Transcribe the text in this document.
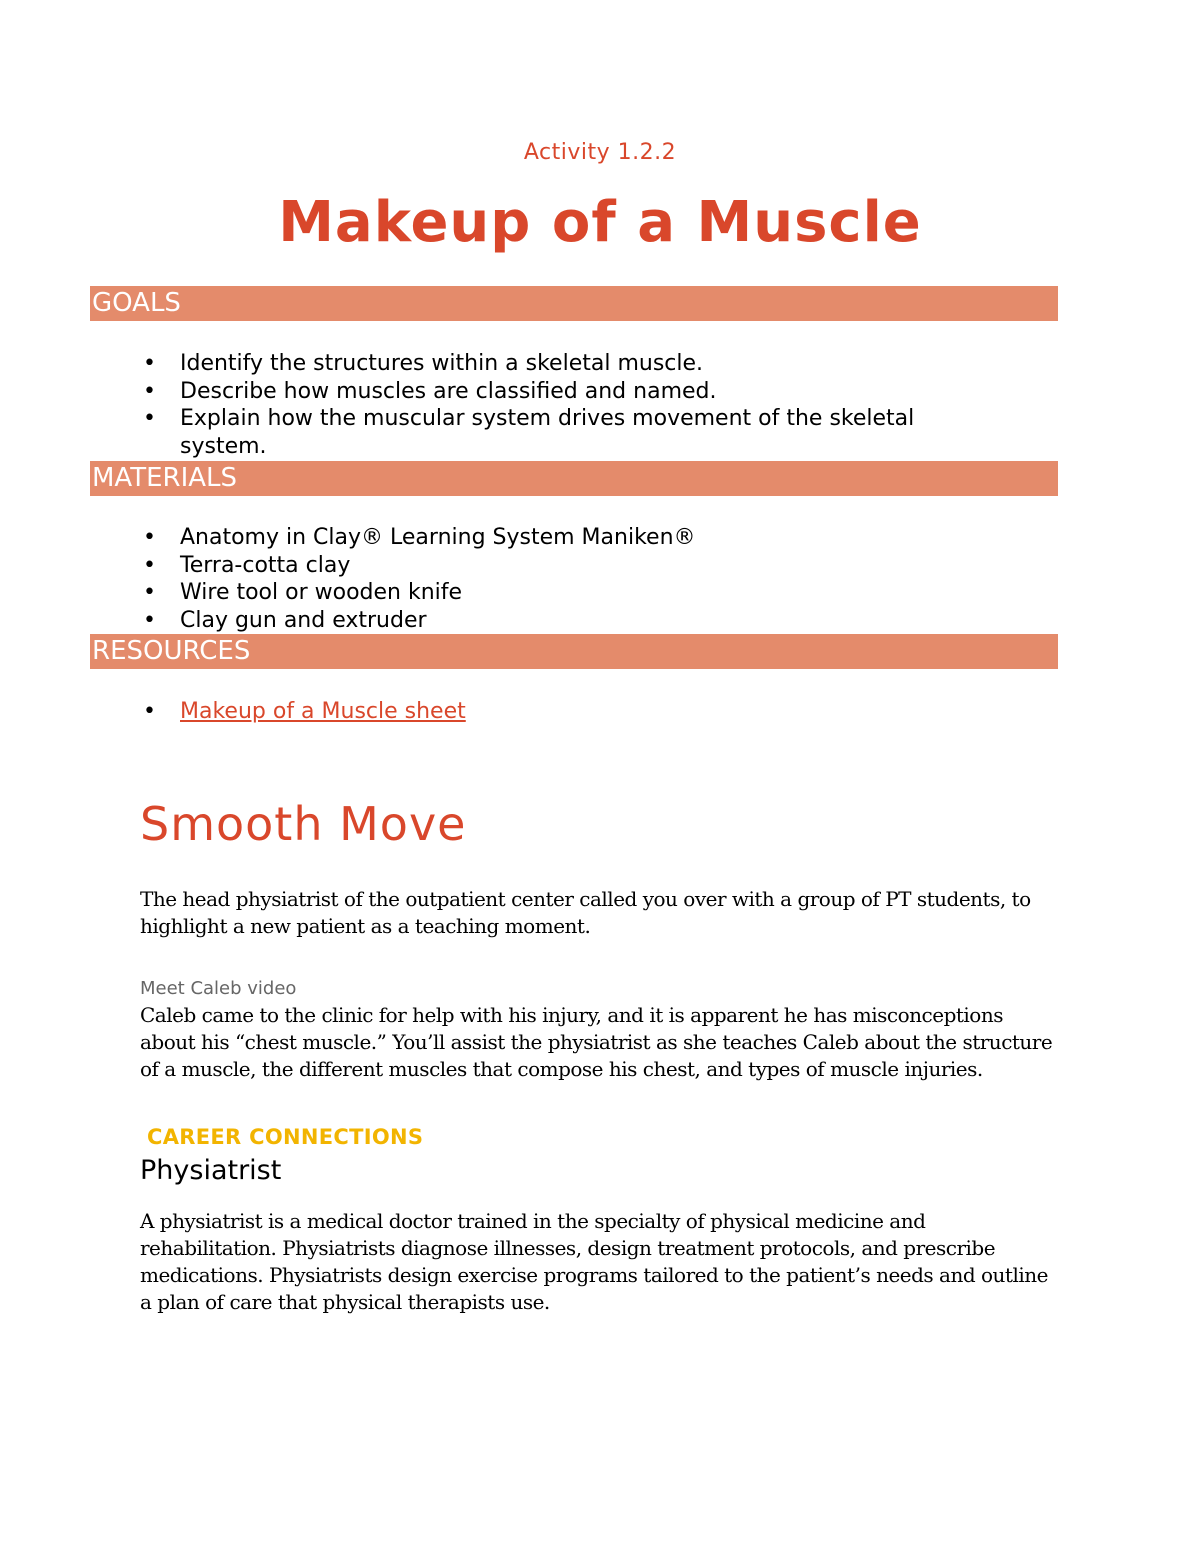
Activity 1.2.2
Makeup of a Muscle
GOALS
• Identify the structures within a skeletal muscle.
• Describe how muscles are classified and named.
• Explain how the muscular system drives movement of the skeletal system.
MATERIALS
• Anatomy in Clay® Learning System Maniken®
• Terra-cotta clay
• Wire tool or wooden knife
• Clay gun and extruder
RESOURCES
• Makeup of a Muscle sheet
Smooth Move

The head physiatrist of the outpatient center called you over with a group of PT students, to highlight a new patient as a teaching moment.

Meet Caleb video

Caleb came to the clinic for help with his injury, and it is apparent he has misconceptions about his “chest muscle.” You’ll assist the physiatrist as she teaches Caleb about the structure of a muscle, the different muscles that compose his chest, and types of muscle injuries.

CAREER CONNECTIONS
Physiatrist

A physiatrist is a medical doctor trained in the specialty of physical medicine and rehabilitation. Physiatrists diagnose illnesses, design treatment protocols, and prescribe medications. Physiatrists design exercise programs tailored to the patient’s needs and outline a plan of care that physical therapists use.
